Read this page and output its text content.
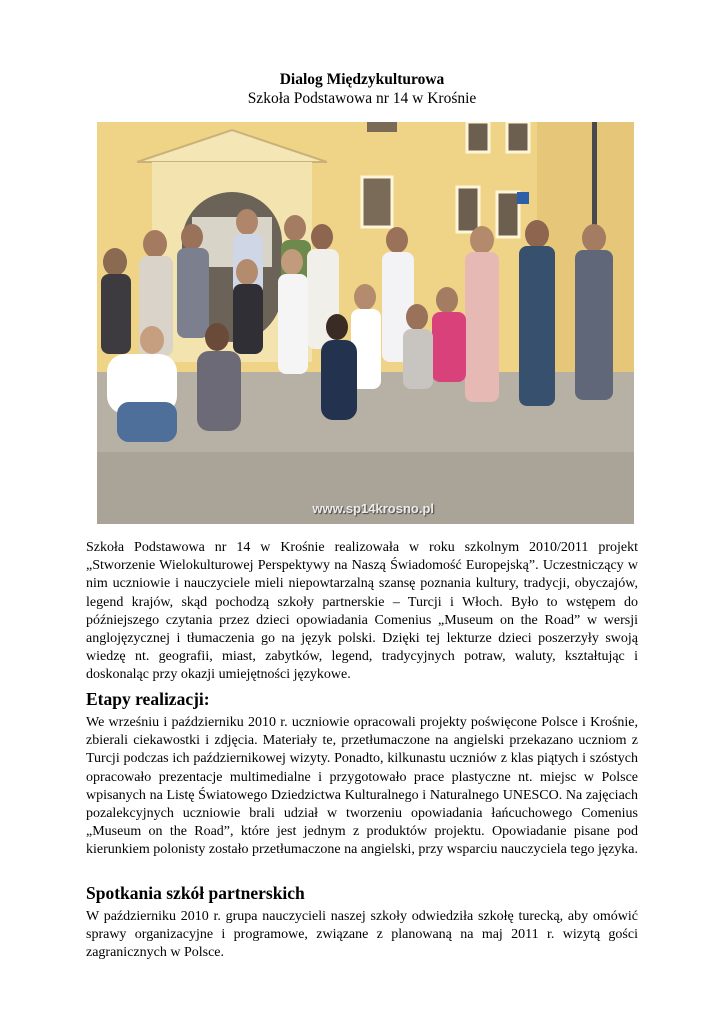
Dialog Międzykulturowa
Szkoła Podstawowa nr 14 w Krośnie
www.sp14krosno.pl

Szkoła Podstawowa nr 14 w Krośnie realizowała w roku szkolnym 2010/2011 projekt „Stworzenie Wielokulturowej Perspektywy na Naszą Świadomość Europejską”. Uczestniczący w nim uczniowie i nauczyciele mieli niepowtarzalną szansę poznania kultury, tradycji, obyczajów, legend krajów, skąd pochodzą szkoły partnerskie – Turcji i Włoch. Było to wstępem do późniejszego czytania przez dzieci opowiadania Comenius „Museum on the Road” w wersji anglojęzycznej i tłumaczenia go na język polski. Dzięki tej lekturze dzieci poszerzyły swoją wiedzę nt. geografii, miast, zabytków, legend, tradycyjnych potraw, waluty, kształtując i doskonaląc przy okazji umiejętności językowe.

Etapy realizacji:

We wrześniu i październiku 2010 r. uczniowie opracowali projekty poświęcone Polsce i Krośnie, zbierali ciekawostki i zdjęcia. Materiały te, przetłumaczone na angielski przekazano uczniom z Turcji podczas ich październikowej wizyty. Ponadto, kilkunastu uczniów z klas piątych i szóstych opracowało prezentacje multimedialne i przygotowało prace plastyczne nt. miejsc w Polsce wpisanych na Listę Światowego Dziedzictwa Kulturalnego i Naturalnego UNESCO. Na zajęciach pozalekcyjnych uczniowie brali udział w tworzeniu opowiadania łańcuchowego Comenius „Museum on the Road”, które jest jednym z produktów projektu. Opowiadanie pisane pod kierunkiem polonisty zostało przetłumaczone na angielski, przy wsparciu nauczyciela tego języka.

Spotkania szkół partnerskich

W październiku 2010 r. grupa nauczycieli naszej szkoły odwiedziła szkołę turecką, aby omówić sprawy organizacyjne i programowe, związane z planowaną na maj 2011 r. wizytą gości zagranicznych w Polsce.
